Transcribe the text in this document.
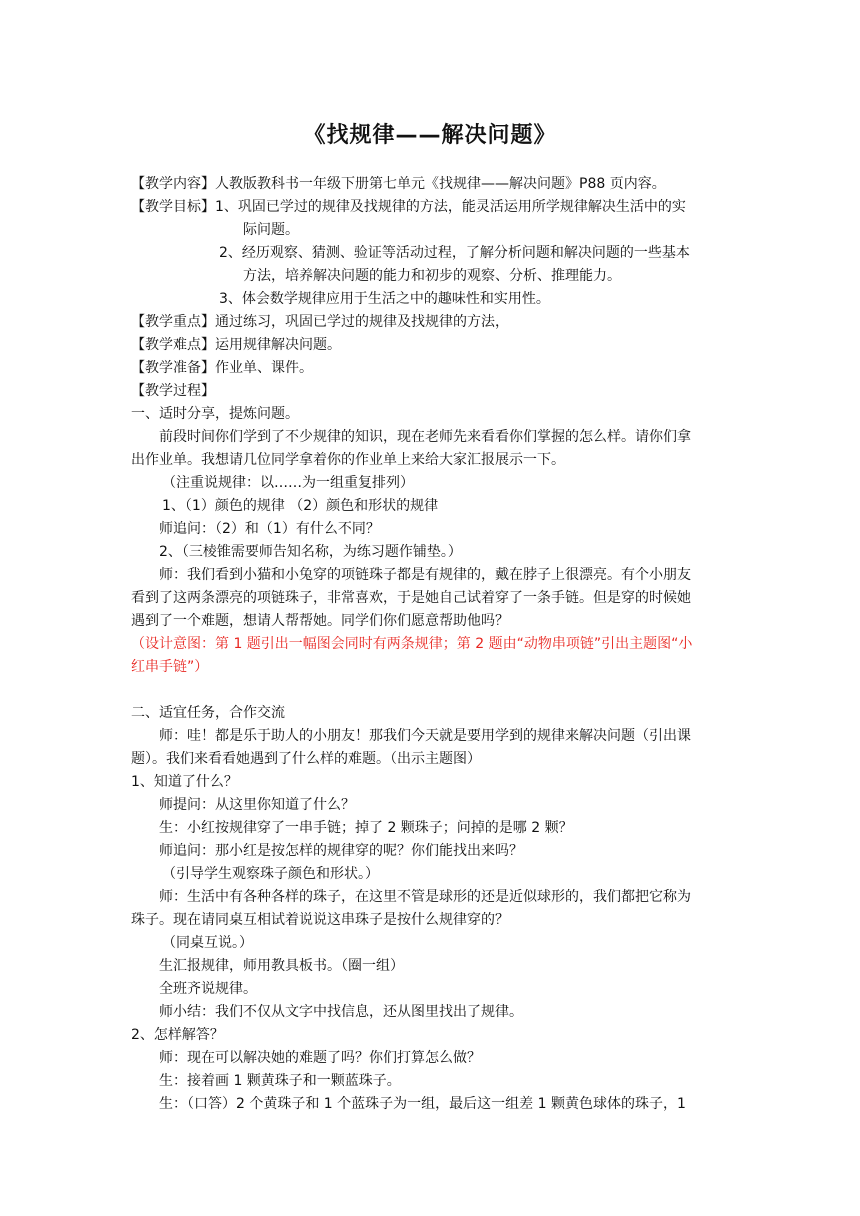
《找规律——解决问题》
【教学内容】人教版教科书一年级下册第七单元《找规律——解决问题》P88 页内容。
【教学目标】1、巩固已学过的规律及找规律的方法，能灵活运用所学规律解决生活中的实
际问题。
2、经历观察、猜测、验证等活动过程，了解分析问题和解决问题的一些基本
方法，培养解决问题的能力和初步的观察、分析、推理能力。
3、体会数学规律应用于生活之中的趣味性和实用性。
【教学重点】通过练习，巩固已学过的规律及找规律的方法，
【教学难点】运用规律解决问题。
【教学准备】作业单、课件。
【教学过程】
一、适时分享，提炼问题。
前段时间你们学到了不少规律的知识，现在老师先来看看你们掌握的怎么样。请你们拿
出作业单。我想请几位同学拿着你的作业单上来给大家汇报展示一下。
（注重说规律：以……为一组重复排列）
1、（1）颜色的规律 （2）颜色和形状的规律
师追问：（2）和（1）有什么不同？
2、（三棱锥需要师告知名称，为练习题作铺垫。）
师：我们看到小猫和小兔穿的项链珠子都是有规律的，戴在脖子上很漂亮。有个小朋友
看到了这两条漂亮的项链珠子，非常喜欢，于是她自己试着穿了一条手链。但是穿的时候她
遇到了一个难题，想请人帮帮她。同学们你们愿意帮助他吗？
（设计意图：第 1 题引出一幅图会同时有两条规律；第 2 题由“动物串项链”引出主题图“小
红串手链”）
二、适宜任务，合作交流
师：哇！都是乐于助人的小朋友！那我们今天就是要用学到的规律来解决问题（引出课
题）。我们来看看她遇到了什么样的难题。（出示主题图）
1、知道了什么？
师提问：从这里你知道了什么？
生：小红按规律穿了一串手链；掉了 2 颗珠子；问掉的是哪 2 颗？
师追问：那小红是按怎样的规律穿的呢？你们能找出来吗？
（引导学生观察珠子颜色和形状。）
师：生活中有各种各样的珠子，在这里不管是球形的还是近似球形的，我们都把它称为
珠子。现在请同桌互相试着说说这串珠子是按什么规律穿的？
（同桌互说。）
生汇报规律，师用教具板书。（圈一组）
全班齐说规律。
师小结：我们不仅从文字中找信息，还从图里找出了规律。
2、怎样解答？
师：现在可以解决她的难题了吗？你们打算怎么做？
生：接着画 1 颗黄珠子和一颗蓝珠子。
生：（口答）2 个黄珠子和 1 个蓝珠子为一组，最后这一组差 1 颗黄色球体的珠子，1
